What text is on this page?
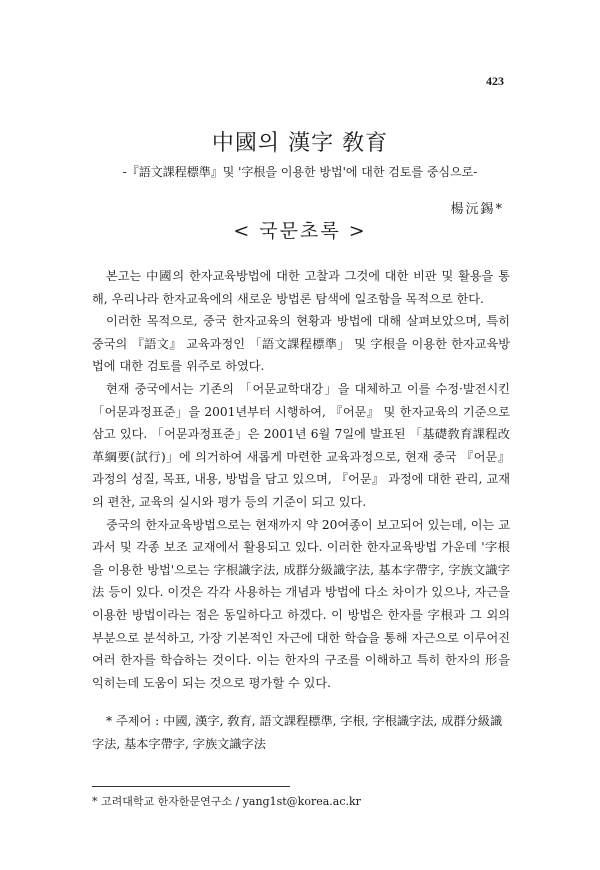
423
中國의 漢字 敎育
-『語文課程標準』및 '字根을 이용한 방법'에 대한 검토를 중심으로-
楊沅錫*
< 국문초록 >

본고는 中國의 한자교육방법에 대한 고찰과 그것에 대한 비판 및 활용을 통해, 우리나라 한자교육에의 새로운 방법론 탐색에 일조함을 목적으로 한다.

이러한 목적으로, 중국 한자교육의 현황과 방법에 대해 살펴보았으며, 특히 중국의 『語文』 교육과정인 「語文課程標準」 및 字根을 이용한 한자교육방법에 대한 검토를 위주로 하였다.

현재 중국에서는 기존의 「어문교학대강」을 대체하고 이를 수정·발전시킨 「어문과정표준」을 2001년부터 시행하여, 『어문』 및 한자교육의 기준으로 삼고 있다. 「어문과정표준」은 2001년 6월 7일에 발표된 「基礎敎育課程改革綱要(試行)」에 의거하여 새롭게 마련한 교육과정으로, 현재 중국 『어문』 과정의 성질, 목표, 내용, 방법을 담고 있으며, 『어문』 과정에 대한 관리, 교재의 편찬, 교육의 실시와 평가 등의 기준이 되고 있다.

중국의 한자교육방법으로는 현재까지 약 20여종이 보고되어 있는데, 이는 교과서 및 각종 보조 교재에서 활용되고 있다. 이러한 한자교육방법 가운데 '字根을 이용한 방법'으로는 字根識字法, 成群分級識字法, 基本字帶字, 字族文識字法 등이 있다. 이것은 각각 사용하는 개념과 방법에 다소 차이가 있으나, 자근을 이용한 방법이라는 점은 동일하다고 하겠다. 이 방법은 한자를 字根과 그 외의 부분으로 분석하고, 가장 기본적인 자근에 대한 학습을 통해 자근으로 이루어진 여러 한자를 학습하는 것이다. 이는 한자의 구조를 이해하고 특히 한자의 形을 익히는데 도움이 되는 것으로 평가할 수 있다.

* 주제어 : 中國, 漢字, 敎育, 語文課程標準, 字根, 字根識字法, 成群分級識字法, 基本字帶字, 字族文識字法
* 고려대학교 한자한문연구소 / yang1st@korea.ac.kr
